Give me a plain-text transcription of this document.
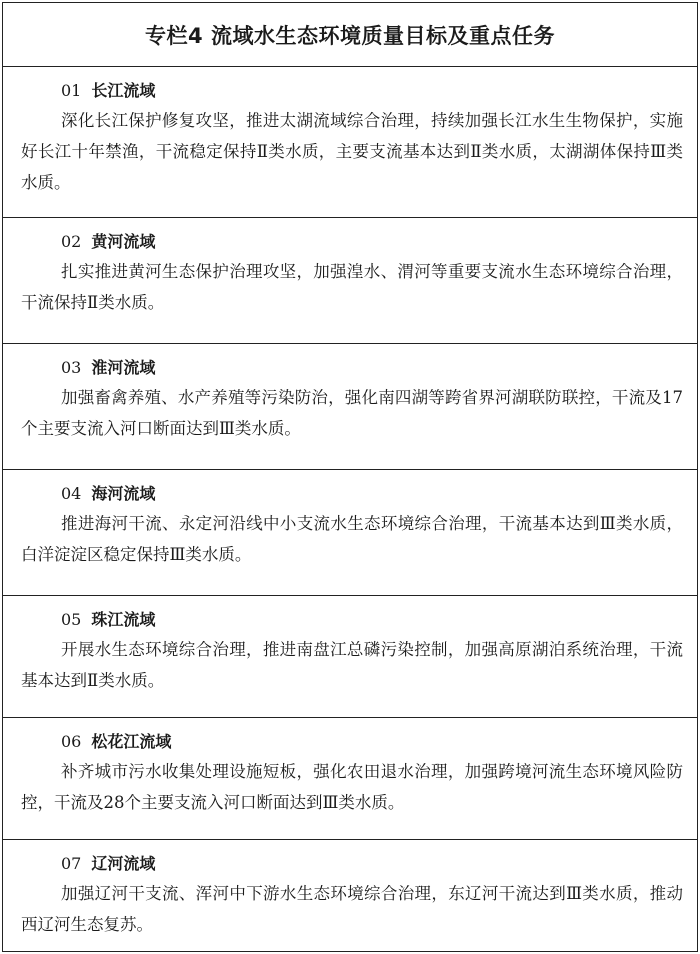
专栏4 流域水生态环境质量目标及重点任务
01 长江流域

深化长江保护修复攻坚，推进太湖流域综合治理，持续加强长江水生生物保护，实施好长江十年禁渔，干流稳定保持Ⅱ类水质，主要支流基本达到Ⅱ类水质，太湖湖体保持Ⅲ类水质。

02 黄河流域

扎实推进黄河生态保护治理攻坚，加强湟水、渭河等重要支流水生态环境综合治理，干流保持Ⅱ类水质。

03 淮河流域

加强畜禽养殖、水产养殖等污染防治，强化南四湖等跨省界河湖联防联控，干流及17个主要支流入河口断面达到Ⅲ类水质。

04 海河流域

推进海河干流、永定河沿线中小支流水生态环境综合治理，干流基本达到Ⅲ类水质，白洋淀淀区稳定保持Ⅲ类水质。

05 珠江流域

开展水生态环境综合治理，推进南盘江总磷污染控制，加强高原湖泊系统治理，干流基本达到Ⅱ类水质。

06 松花江流域

补齐城市污水收集处理设施短板，强化农田退水治理，加强跨境河流生态环境风险防控，干流及28个主要支流入河口断面达到Ⅲ类水质。

07 辽河流域

加强辽河干支流、浑河中下游水生态环境综合治理，东辽河干流达到Ⅲ类水质，推动西辽河生态复苏。
